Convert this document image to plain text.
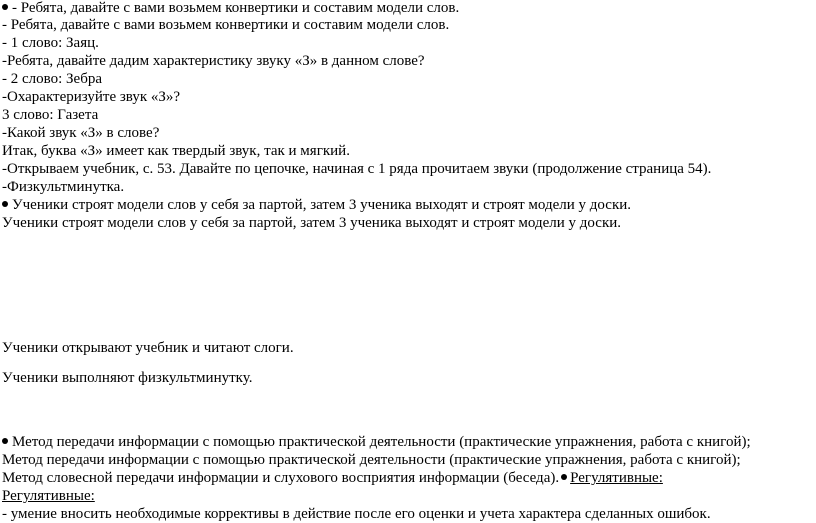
- Ребята, давайте с вами возьмем конвертики и составим модели слов.
- Ребята, давайте с вами возьмем конвертики и составим модели слов.
- 1 слово: Заяц.
-Ребята, давайте дадим характеристику звуку «З» в данном слове?
- 2 слово: Зебра
-Охарактеризуйте звук «З»?
3 слово: Газета
-Какой звук «З» в слове?
Итак, буква «З» имеет как твердый звук, так и мягкий.
-Открываем учебник, с. 53. Давайте по цепочке, начиная с 1 ряда прочитаем звуки (продолжение страница 54).
-Физкультминутка.
Ученики строят модели слов у себя за партой, затем 3 ученика выходят и строят модели у доски.
Ученики строят модели слов у себя за партой, затем 3 ученика выходят и строят модели у доски.
Ученики открывают учебник и читают слоги.
Ученики выполняют физкультминутку.
Метод передачи информации с помощью практической деятельности (практические упражнения, работа с книгой);
Метод передачи информации с помощью практической деятельности (практические упражнения, работа с книгой);
Метод словесной передачи информации и слухового восприятия информации (беседа). Регулятивные:
Регулятивные:
- умение вносить необходимые коррективы в действие после его оценки и учета характера сделанных ошибок.
